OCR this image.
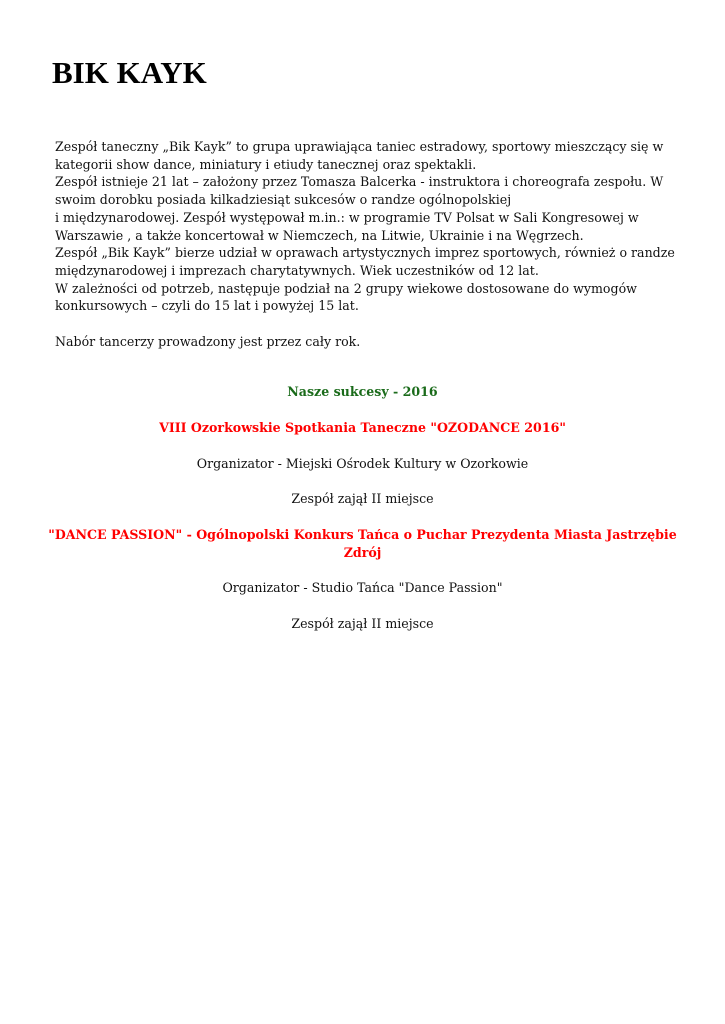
BIK KAYK
Zespół taneczny „Bik Kayk” to grupa uprawiająca taniec estradowy, sportowy mieszczący się w
kategorii show dance, miniatury i etiudy tanecznej oraz spektakli.
Zespół istnieje 21 lat – założony przez Tomasza Balcerka - instruktora i choreografa zespołu. W
swoim dorobku posiada kilkadziesiąt sukcesów o randze ogólnopolskiej
i międzynarodowej. Zespół występował m.in.: w programie TV Polsat w Sali Kongresowej w
Warszawie , a także koncertował w Niemczech, na Litwie, Ukrainie i na Węgrzech.
Zespół „Bik Kayk” bierze udział w oprawach artystycznych imprez sportowych, również o randze
międzynarodowej i imprezach charytatywnych. Wiek uczestników od 12 lat.
W zależności od potrzeb, następuje podział na 2 grupy wiekowe dostosowane do wymogów
konkursowych – czyli do 15 lat i powyżej 15 lat.
Nabór tancerzy prowadzony jest przez cały rok.
Nasze sukcesy - 2016
VIII Ozorkowskie Spotkania Taneczne "OZODANCE 2016"
Organizator - Miejski Ośrodek Kultury w Ozorkowie
Zespół zajął II miejsce
"DANCE PASSION" - Ogólnopolski Konkurs Tańca o Puchar Prezydenta Miasta Jastrzębie
Zdrój
Organizator - Studio Tańca "Dance Passion"
Zespół zajął II miejsce
